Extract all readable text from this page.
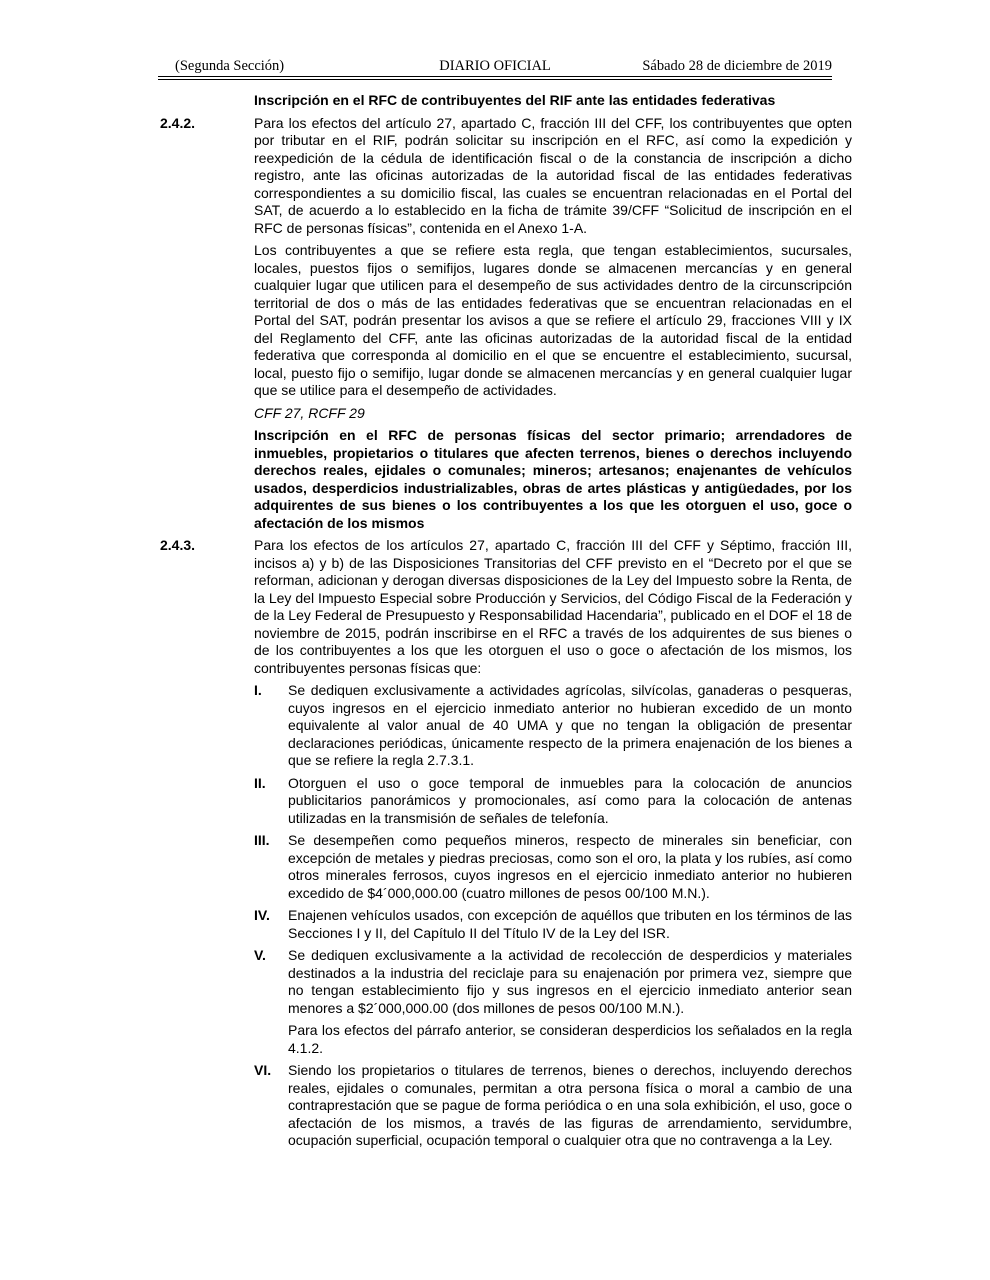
(Segunda Sección)	DIARIO OFICIAL	Sábado 28 de diciembre de 2019
Inscripción en el RFC de contribuyentes del RIF ante las entidades federativas
2.4.2.	Para los efectos del artículo 27, apartado C, fracción III del CFF, los contribuyentes que opten por tributar en el RIF, podrán solicitar su inscripción en el RFC, así como la expedición y reexpedición de la cédula de identificación fiscal o de la constancia de inscripción a dicho registro, ante las oficinas autorizadas de la autoridad fiscal de las entidades federativas correspondientes a su domicilio fiscal, las cuales se encuentran relacionadas en el Portal del SAT, de acuerdo a lo establecido en la ficha de trámite 39/CFF “Solicitud de inscripción en el RFC de personas físicas”, contenida en el Anexo 1-A.

Los contribuyentes a que se refiere esta regla, que tengan establecimientos, sucursales, locales, puestos fijos o semifijos, lugares donde se almacenen mercancías y en general cualquier lugar que utilicen para el desempeño de sus actividades dentro de la circunscripción territorial de dos o más de las entidades federativas que se encuentran relacionadas en el Portal del SAT, podrán presentar los avisos a que se refiere el artículo 29, fracciones VIII y IX del Reglamento del CFF, ante las oficinas autorizadas de la autoridad fiscal de la entidad federativa que corresponda al domicilio en el que se encuentre el establecimiento, sucursal, local, puesto fijo o semifijo, lugar donde se almacenen mercancías y en general cualquier lugar que se utilice para el desempeño de actividades.

CFF 27, RCFF 29
Inscripción en el RFC de personas físicas del sector primario; arrendadores de inmuebles, propietarios o titulares que afecten terrenos, bienes o derechos incluyendo derechos reales, ejidales o comunales; mineros; artesanos; enajenantes de vehículos usados, desperdicios industrializables, obras de artes plásticas y antigüedades, por los adquirentes de sus bienes o los contribuyentes a los que les otorguen el uso, goce o afectación de los mismos
2.4.3.	Para los efectos de los artículos 27, apartado C, fracción III del CFF y Séptimo, fracción III, incisos a) y b) de las Disposiciones Transitorias del CFF previsto en el “Decreto por el que se reforman, adicionan y derogan diversas disposiciones de la Ley del Impuesto sobre la Renta, de la Ley del Impuesto Especial sobre Producción y Servicios, del Código Fiscal de la Federación y de la Ley Federal de Presupuesto y Responsabilidad Hacendaria”, publicado en el DOF el 18 de noviembre de 2015, podrán inscribirse en el RFC a través de los adquirentes de sus bienes o de los contribuyentes a los que les otorguen el uso o goce o afectación de los mismos, los contribuyentes personas físicas que:

I. Se dediquen exclusivamente a actividades agrícolas, silvícolas, ganaderas o pesqueras, cuyos ingresos en el ejercicio inmediato anterior no hubieran excedido de un monto equivalente al valor anual de 40 UMA y que no tengan la obligación de presentar declaraciones periódicas, únicamente respecto de la primera enajenación de los bienes a que se refiere la regla 2.7.3.1.

II. Otorguen el uso o goce temporal de inmuebles para la colocación de anuncios publicitarios panorámicos y promocionales, así como para la colocación de antenas utilizadas en la transmisión de señales de telefonía.

III. Se desempeñen como pequeños mineros, respecto de minerales sin beneficiar, con excepción de metales y piedras preciosas, como son el oro, la plata y los rubíes, así como otros minerales ferrosos, cuyos ingresos en el ejercicio inmediato anterior no hubieren excedido de $4´000,000.00 (cuatro millones de pesos 00/100 M.N.).

IV. Enajenen vehículos usados, con excepción de aquéllos que tributen en los términos de las Secciones I y II, del Capítulo II del Título IV de la Ley del ISR.

V. Se dediquen exclusivamente a la actividad de recolección de desperdicios y materiales destinados a la industria del reciclaje para su enajenación por primera vez, siempre que no tengan establecimiento fijo y sus ingresos en el ejercicio inmediato anterior sean menores a $2´000,000.00 (dos millones de pesos 00/100 M.N.).

Para los efectos del párrafo anterior, se consideran desperdicios los señalados en la regla 4.1.2.

VI. Siendo los propietarios o titulares de terrenos, bienes o derechos, incluyendo derechos reales, ejidales o comunales, permitan a otra persona física o moral a cambio de una contraprestación que se pague de forma periódica o en una sola exhibición, el uso, goce o afectación de los mismos, a través de las figuras de arrendamiento, servidumbre, ocupación superficial, ocupación temporal o cualquier otra que no contravenga a la Ley.
